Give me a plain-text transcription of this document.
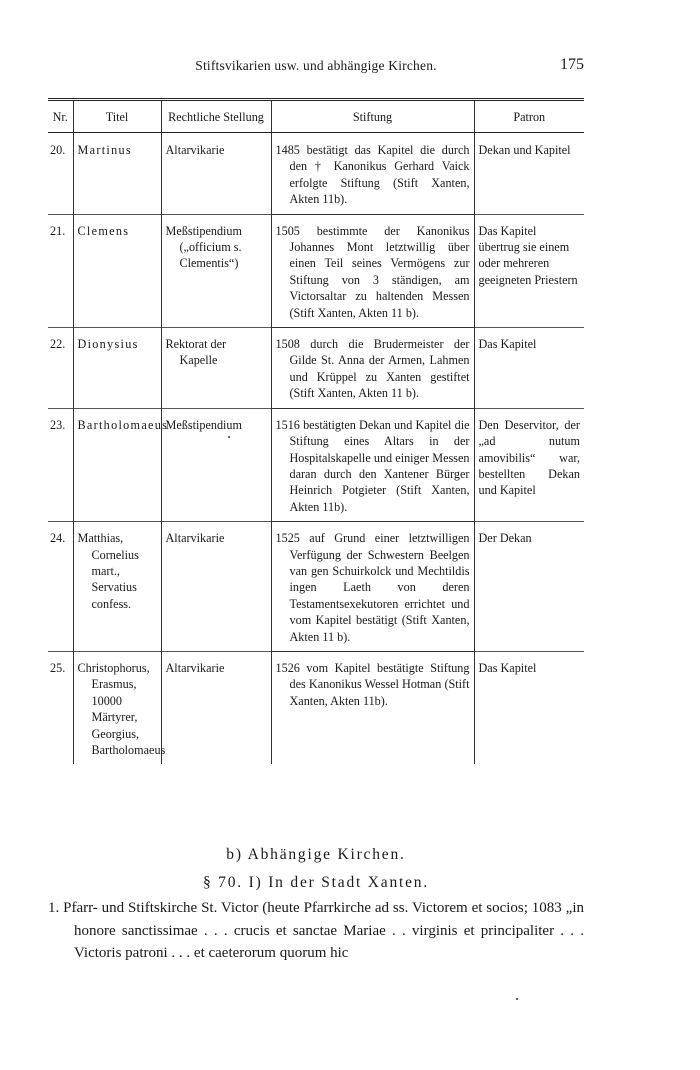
Stiftsvikarien usw. und abhängige Kirchen.	175
Nr.	Titel	Rechtliche Stellung	Stiftung	Patron
20.	Martinus	Altarvikarie	1485 bestätigt das Kapitel die durch den † Kanonikus Gerhard Vaick erfolgte Stiftung (Stift Xanten, Akten 11b).	Dekan und Kapitel
21.	Clemens	Meßstipendium („officium s. Clementis“)	1505 bestimmte der Kanonikus Johannes Mont letztwillig über einen Teil seines Vermögens zur Stiftung von 3 ständigen, am Victorsaltar zu haltenden Messen (Stift Xanten, Akten 11 b).	Das Kapitel übertrug sie einem oder mehreren geeigneten Priestern
22.	Dionysius	Rektorat der Kapelle	1508 durch die Brudermeister der Gilde St. Anna der Armen, Lahmen und Krüppel zu Xanten gestiftet (Stift Xanten, Akten 11 b).	Das Kapitel
23.	Bartholomaeus	Meßstipendium	1516 bestätigten Dekan und Kapitel die Stiftung eines Altars in der Hospitalskapelle und einiger Messen daran durch den Xantener Bürger Heinrich Potgieter (Stift Xanten, Akten 11b).	Den Deservitor, der „ad nutum amovibilis“ war, bestellten Dekan und Kapitel
24.	Matthias, Cornelius mart., Servatius confess.	Altarvikarie	1525 auf Grund einer letztwilligen Verfügung der Schwestern Beelgen van gen Schuirkolck und Mechtildis ingen Laeth von deren Testamentsexekutoren errichtet und vom Kapitel bestätigt (Stift Xanten, Akten 11 b).	Der Dekan
25.	Christophorus, Erasmus, 10000 Märtyrer, Georgius, Bartholomaeus	Altarvikarie	1526 vom Kapitel bestätigte Stiftung des Kanonikus Wessel Hotman (Stift Xanten, Akten 11b).	Das Kapitel
b) Abhängige Kirchen.
§ 70. I) In der Stadt Xanten.
1. Pfarr- und Stiftskirche St. Victor (heute Pfarrkirche ad ss. Victorem et socios; 1083 „in honore sanctissimae . . . crucis et sanctae Mariae . . virginis et principaliter . . . Victoris patroni . . . et caeterorum quorum hic
